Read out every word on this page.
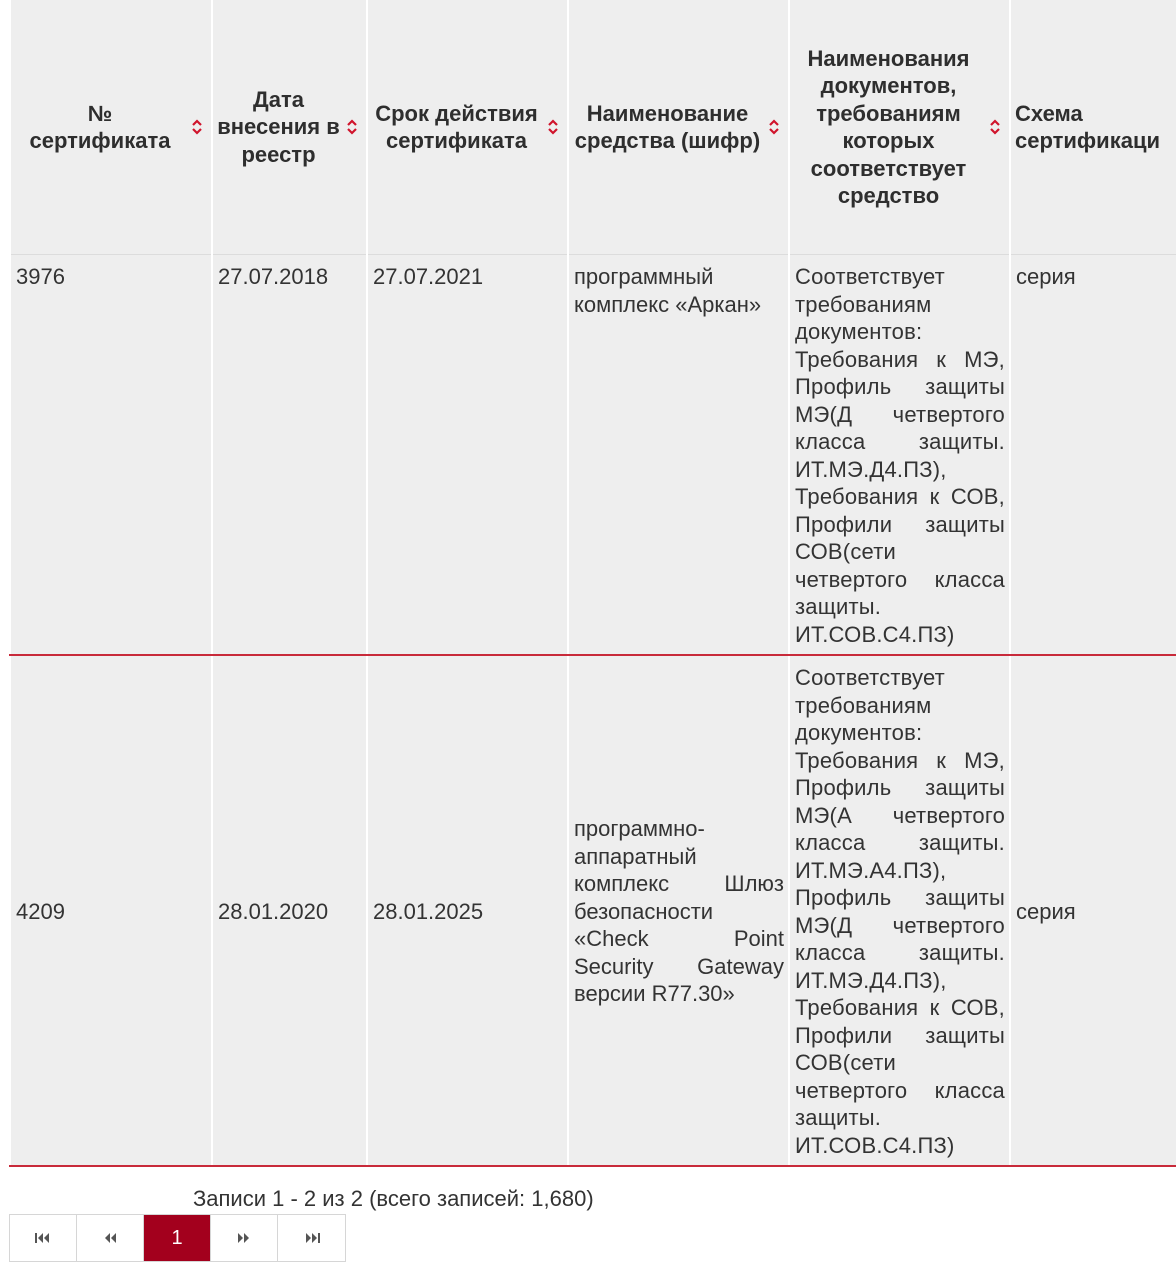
№ сертификата	Дата внесения в реестр	Срок действия сертификата	Наименование средства (шифр)	Наименования документов, требованиям которых соответствует средство	Схема сертификаци

3976	27.07.2018	27.07.2021	программный комплекс «Аркан»	Соответствует требованиям документов: Требования к МЭ, Профиль защиты МЭ(Д четвертого класса защиты. ИТ.МЭ.Д4.ПЗ), Требования к СОВ, Профили защиты СОВ(сети четвертого класса защиты. ИТ.СОВ.С4.ПЗ)	серия
4209	28.01.2020	28.01.2025	программно-аппаратный комплекс Шлюз безопасности «Check Point Security Gateway версии R77.30»	Соответствует требованиям документов: Требования к МЭ, Профиль защиты МЭ(А четвертого класса защиты. ИТ.МЭ.А4.ПЗ), Профиль защиты МЭ(Д четвертого класса защиты. ИТ.МЭ.Д4.ПЗ), Требования к СОВ, Профили защиты СОВ(сети четвертого класса защиты. ИТ.СОВ.С4.ПЗ)	серия
Записи 1 - 2 из 2 (всего записей: 1,680)
1
